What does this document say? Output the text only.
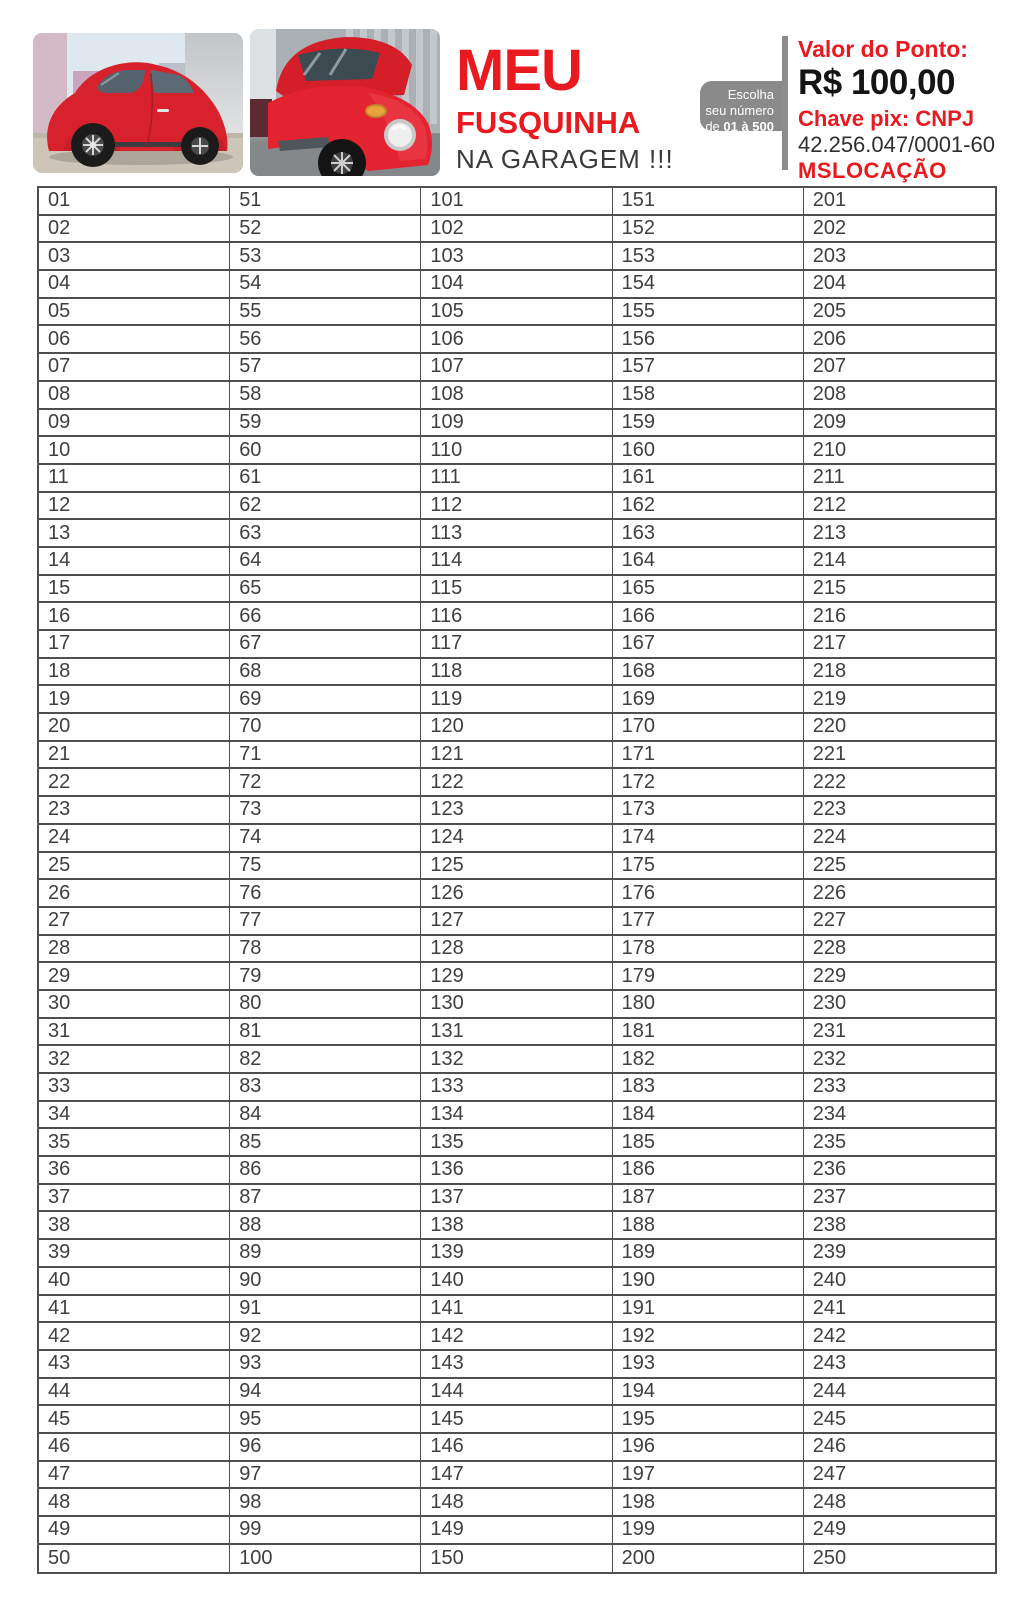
MEU
FUSQUINHA
NA GARAGEM !!!
Escolha
seu número
de 01 à 500
Valor do Ponto:
R$ 100,00
Chave pix: CNPJ
42.256.047/0001-60
MSLOCAÇÃO
01	51	101	151	201
02	52	102	152	202
03	53	103	153	203
04	54	104	154	204
05	55	105	155	205
06	56	106	156	206
07	57	107	157	207
08	58	108	158	208
09	59	109	159	209
10	60	110	160	210
11	61	111	161	211
12	62	112	162	212
13	63	113	163	213
14	64	114	164	214
15	65	115	165	215
16	66	116	166	216
17	67	117	167	217
18	68	118	168	218
19	69	119	169	219
20	70	120	170	220
21	71	121	171	221
22	72	122	172	222
23	73	123	173	223
24	74	124	174	224
25	75	125	175	225
26	76	126	176	226
27	77	127	177	227
28	78	128	178	228
29	79	129	179	229
30	80	130	180	230
31	81	131	181	231
32	82	132	182	232
33	83	133	183	233
34	84	134	184	234
35	85	135	185	235
36	86	136	186	236
37	87	137	187	237
38	88	138	188	238
39	89	139	189	239
40	90	140	190	240
41	91	141	191	241
42	92	142	192	242
43	93	143	193	243
44	94	144	194	244
45	95	145	195	245
46	96	146	196	246
47	97	147	197	247
48	98	148	198	248
49	99	149	199	249
50	100	150	200	250
